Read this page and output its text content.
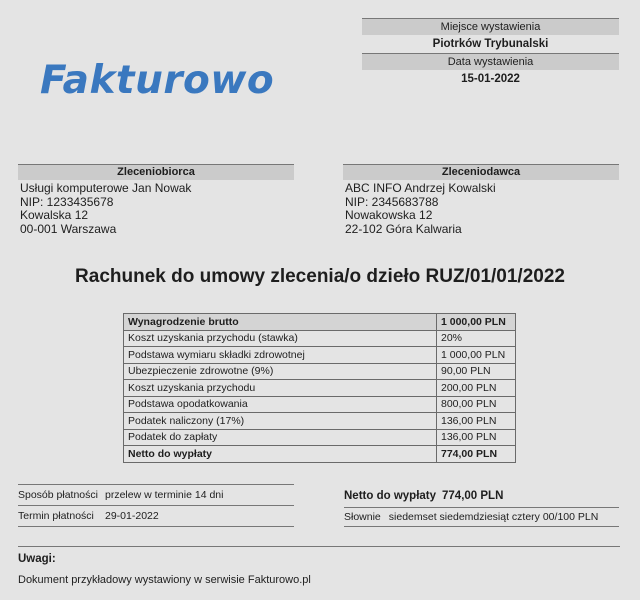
Fakturowo
Miejsce wystawienia
Piotrków Trybunalski
Data wystawienia
15-01-2022
Zleceniobiorca
Usługi komputerowe Jan Nowak
NIP: 1233435678
Kowalska 12
00-001 Warszawa
Zleceniodawca
ABC INFO Andrzej Kowalski
NIP: 2345683788
Nowakowska 12
22-102 Góra Kalwaria
Rachunek do umowy zlecenia/o dzieło RUZ/01/01/2022
Wynagrodzenie brutto	1 000,00 PLN
Koszt uzyskania przychodu (stawka)	20%
Podstawa wymiaru składki zdrowotnej	1 000,00 PLN
Ubezpieczenie zdrowotne (9%)	90,00 PLN
Koszt uzyskania przychodu	200,00 PLN
Podstawa opodatkowania	800,00 PLN
Podatek naliczony (17%)	136,00 PLN
Podatek do zapłaty	136,00 PLN
Netto do wypłaty	774,00 PLN
Sposób płatności przelew w terminie 14 dni
Termin płatności 29-01-2022
Netto do wypłaty 774,00 PLN
Słownie siedemset siedemdziesiąt cztery 00/100 PLN
Uwagi:
Dokument przykładowy wystawiony w serwisie Fakturowo.pl
